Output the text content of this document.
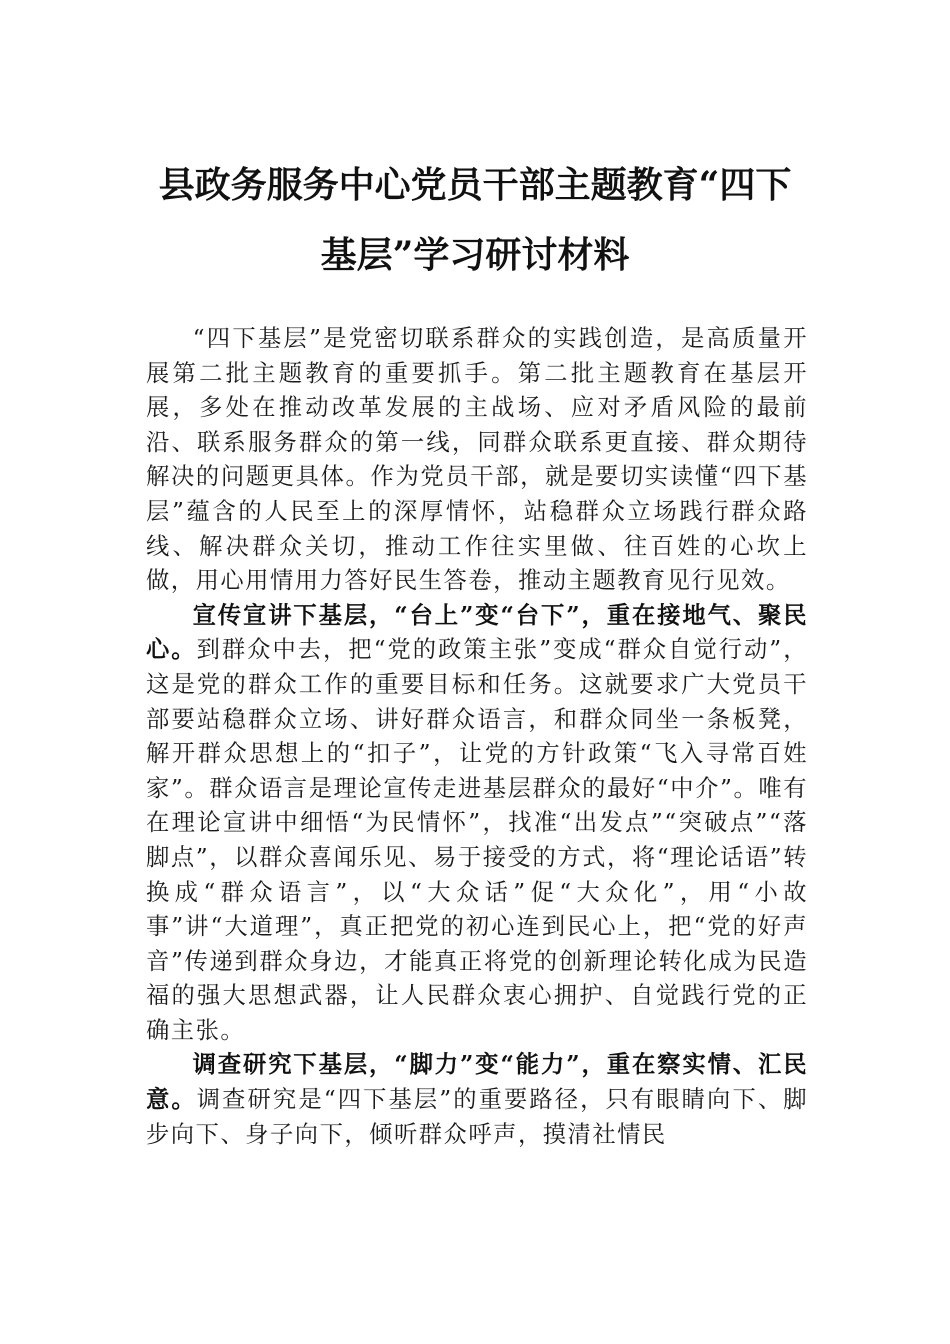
县政务服务中心党员干部主题教育“四下
基层”学习研讨材料

“四下基层”是党密切联系群众的实践创造，是高质量开展第二批主题教育的重要抓手。第二批主题教育在基层开展，多处在推动改革发展的主战场、应对矛盾风险的最前沿、联系服务群众的第一线，同群众联系更直接、群众期待解决的问题更具体。作为党员干部，就是要切实读懂“四下基层”蕴含的人民至上的深厚情怀，站稳群众立场践行群众路线、解决群众关切，推动工作往实里做、往百姓的心坎上做，用心用情用力答好民生答卷，推动主题教育见行见效。

宣传宣讲下基层，“台上”变“台下”，重在接地气、聚民心。到群众中去，把“党的政策主张”变成“群众自觉行动”，这是党的群众工作的重要目标和任务。这就要求广大党员干部要站稳群众立场、讲好群众语言，和群众同坐一条板凳，解开群众思想上的“扣子”，让党的方针政策“飞入寻常百姓家”。群众语言是理论宣传走进基层群众的最好“中介”。唯有在理论宣讲中细悟“为民情怀”，找准“出发点”“突破点”“落脚点”，以群众喜闻乐见、易于接受的方式，将“理论话语”转换成“群众语言”，以“大众话”促“大众化”，用“小故事”讲“大道理”，真正把党的初心连到民心上，把“党的好声音”传递到群众身边，才能真正将党的创新理论转化成为民造福的强大思想武器，让人民群众衷心拥护、自觉践行党的正确主张。

调查研究下基层，“脚力”变“能力”，重在察实情、汇民意。调查研究是“四下基层”的重要路径，只有眼睛向下、脚步向下、身子向下，倾听群众呼声，摸清社情民
